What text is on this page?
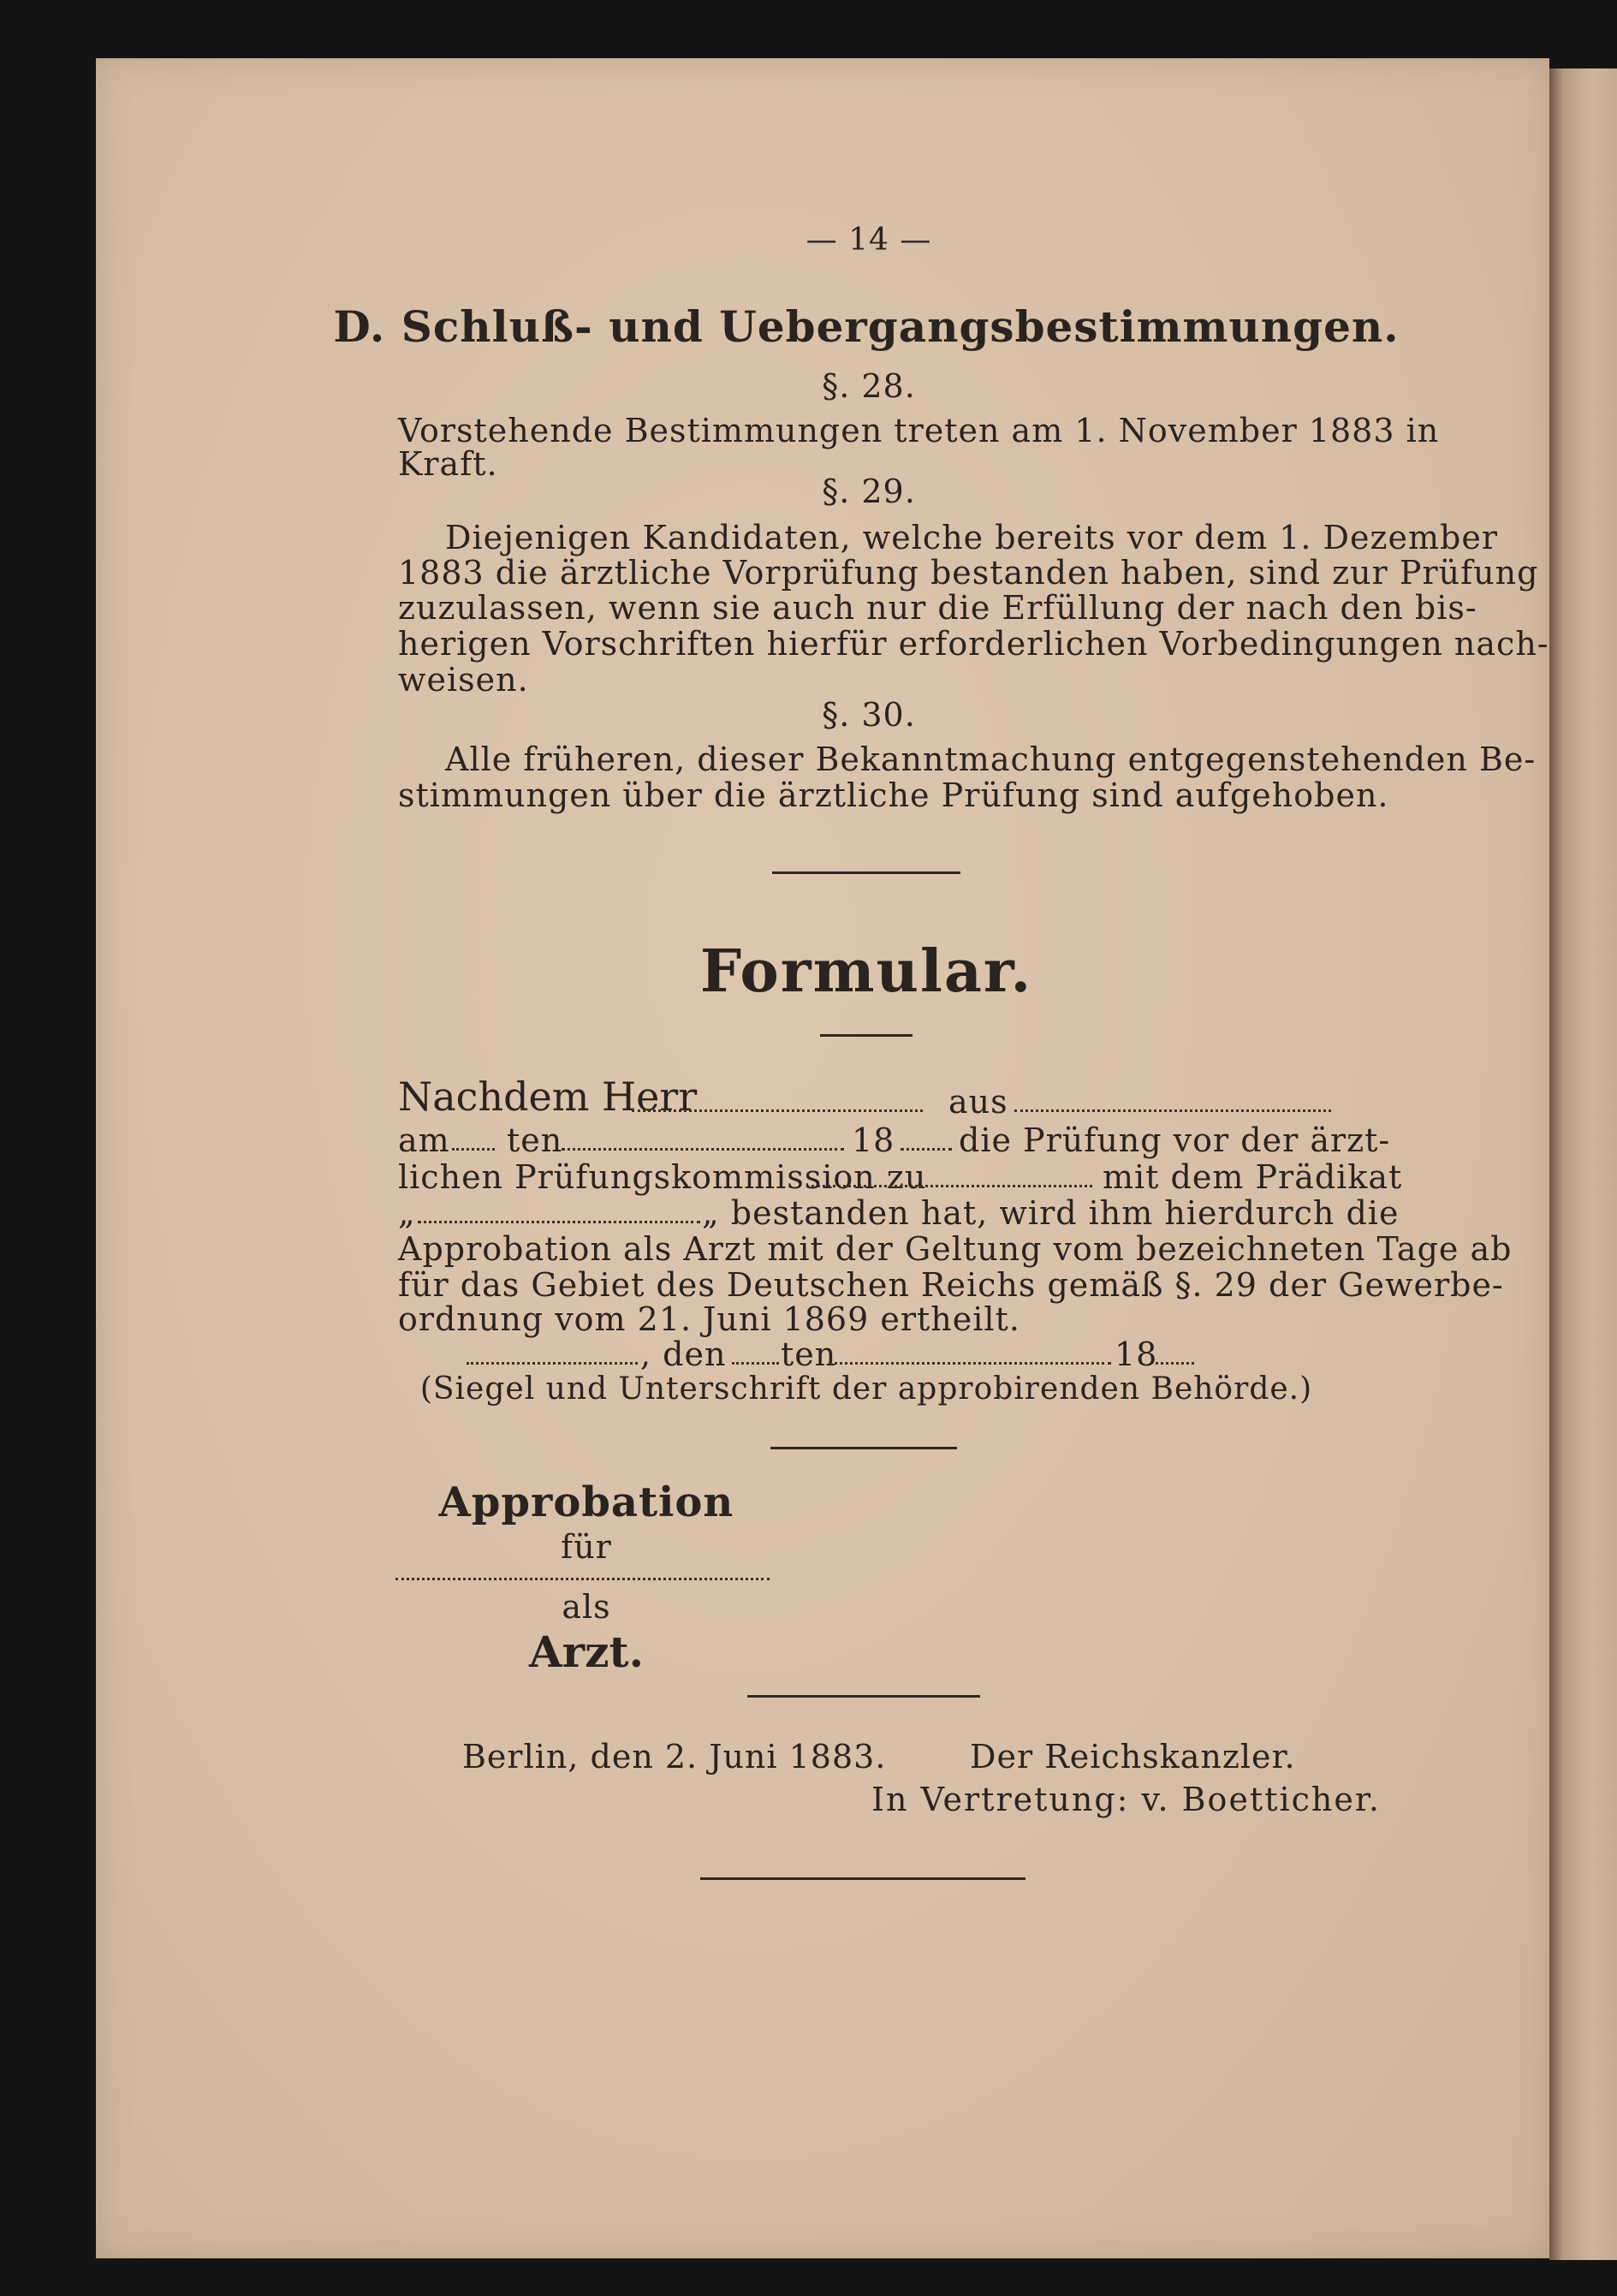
— 14 —
D. Schluß- und Uebergangsbestimmungen.
§. 28.
Vorstehende Bestimmungen treten am 1. November 1883 in
Kraft.
§. 29.
Diejenigen Kandidaten, welche bereits vor dem 1. Dezember
1883 die ärztliche Vorprüfung bestanden haben, sind zur Prüfung
zuzulassen, wenn sie auch nur die Erfüllung der nach den bis-
herigen Vorschriften hierfür erforderlichen Vorbedingungen nach-
weisen.
§. 30.
Alle früheren, dieser Bekanntmachung entgegenstehenden Be-
stimmungen über die ärztliche Prüfung sind aufgehoben.
Formular.
Nachdem Herr	aus
am ten	18 die Prüfung vor der ärzt-
lichen Prüfungskommission zu	mit dem Prädikat
„	„ bestanden hat, wird ihm hierdurch die
Approbation als Arzt mit der Geltung vom bezeichneten Tage ab
für das Gebiet des Deutschen Reichs gemäß §. 29 der Gewerbe-
ordnung vom 21. Juni 1869 ertheilt.
, den ten	18
(Siegel und Unterschrift der approbirenden Behörde.)
Approbation
für
als
Arzt.
Berlin, den 2. Juni 1883.	Der Reichskanzler.
In Vertretung: v. Boetticher.
